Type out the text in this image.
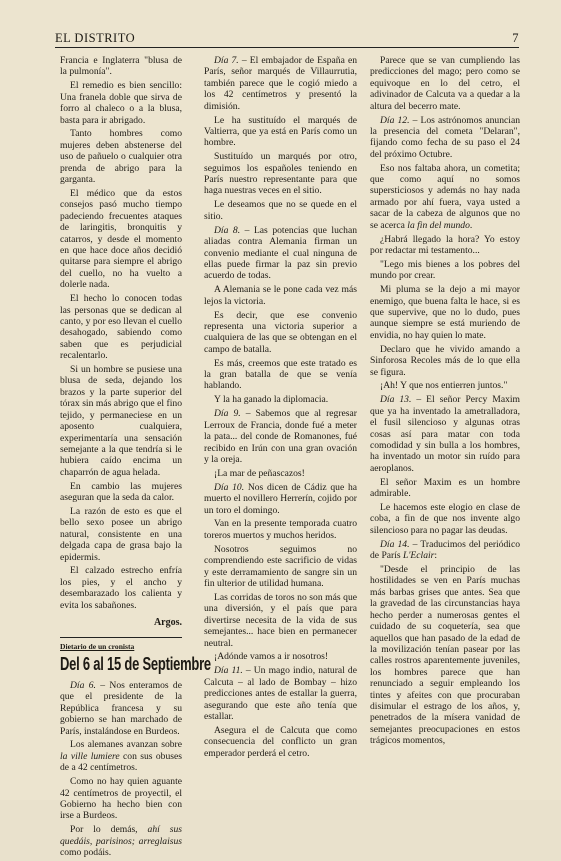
EL DISTRITO	7

Francia e Inglaterra "blusa de la pulmonía".

El remedio es bien sencillo: Una franela doble que sirva de forro al chaleco o a la blusa, basta para ir abrigado.

Tanto hombres como mujeres deben abstenerse del uso de pañuelo o cualquier otra prenda de abrigo para la garganta.

El médico que da estos consejos pasó mucho tiempo padeciendo frecuentes ataques de laringitis, bronquitis y catarros, y desde el momento en que hace doce años decidió quitarse para siempre el abrigo del cuello, no ha vuelto a dolerle nada.

El hecho lo conocen todas las personas que se dedican al canto, y por eso llevan el cuello desahogado, sabiendo como saben que es perjudicial recalentarlo.

Si un hombre se pusiese una blusa de seda, dejando los brazos y la parte superior del tórax sin más abrigo que el fino tejido, y permaneciese en un aposento cualquiera, experimentaría una sensación semejante a la que tendría si le hubiera caído encima un chaparrón de agua helada.

En cambio las mujeres aseguran que la seda da calor.

La razón de esto es que el bello sexo posee un abrigo natural, consistente en una delgada capa de grasa bajo la epidermis.

El calzado estrecho enfría los pies, y el ancho y desembarazado los calienta y evita los sabañones.

Argos.
Dietario de un cronista
Del 6 al 15 de Septiembre

Día 6. – Nos enteramos de que el presidente de la República francesa y su gobierno se han marchado de París, instalándose en Burdeos.

Los alemanes avanzan sobre la ville lumiere con sus obuses de a 42 centímetros.

Como no hay quien aguante 42 centímetros de proyectil, el Gobierno ha hecho bien con irse a Burdeos.

Por lo demás, ahí sus quedáis, parisinos; arreglaisus como podáis.

Día 7. – El embajador de España en París, señor marqués de Villaurrutia, también parece que le cogió miedo a los 42 centímetros y presentó la dimisión.

Le ha sustituído el marqués de Valtierra, que ya está en París como un hombre.

Sustituído un marqués por otro, seguimos los españoles teniendo en París nuestro representante para que haga nuestras veces en el sitio.

Le deseamos que no se quede en el sitio.

Día 8. – Las potencias que luchan aliadas contra Alemania firman un convenio mediante el cual ninguna de ellas puede firmar la paz sin previo acuerdo de todas.

A Alemania se le pone cada vez más lejos la victoria.

Es decir, que ese convenio representa una victoria superior a cualquiera de las que se obtengan en el campo de batalla.

Es más, creemos que este tratado es la gran batalla de que se venía hablando.

Y la ha ganado la diplomacia.

Día 9. – Sabemos que al regresar Lerroux de Francia, donde fué a meter la pata... del conde de Romanones, fué recibido en Irún con una gran ovación y la oreja.

¡La mar de peñascazos!

Día 10. Nos dicen de Cádiz que ha muerto el novillero Herrerín, cojido por un toro el domingo.

Van en la presente temporada cuatro toreros muertos y muchos heridos.

Nosotros seguimos no comprendiendo este sacrificio de vidas y este derramamiento de sangre sin un fin ulterior de utilidad humana.

Las corridas de toros no son más que una diversión, y el país que para divertirse necesita de la vida de sus semejantes... hace bien en permanecer neutral.

¡Adónde vamos a ir nosotros!

Día 11. – Un mago indio, natural de Calcuta – al lado de Bombay – hizo predicciones antes de estallar la guerra, asegurando que este año tenía que estallar.

Asegura el de Calcuta que como consecuencia del conflicto un gran emperador perderá el cetro.

Parece que se van cumpliendo las predicciones del mago; pero como se equivoque en lo del cetro, el adivinador de Calcuta va a quedar a la altura del becerro mate.

Día 12. – Los astrónomos anuncian la presencia del cometa "Delaran", fijando como fecha de su paso el 24 del próximo Octubre.

Eso nos faltaba ahora, un cometita; que como aquí no somos supersticiosos y además no hay nada armado por ahí fuera, vaya usted a sacar de la cabeza de algunos que no se acerca la fin del mundo.

¿Habrá llegado la hora? Yo estoy por redactar mi testamento...

"Lego mis bienes a los pobres del mundo por crear.

Mi pluma se la dejo a mi mayor enemigo, que buena falta le hace, si es que supervive, que no lo dudo, pues aunque siempre se está muriendo de envidia, no hay quien lo mate.

Declaro que he vivido amando a Sinforosa Recoles más de lo que ella se figura.

¡Ah! Y que nos entierren juntos."

Día 13. – El señor Percy Maxim que ya ha inventado la ametralladora, el fusil silencioso y algunas otras cosas así para matar con toda comodidad y sin bulla a los hombres, ha inventado un motor sin ruído para aeroplanos.

El señor Maxim es un hombre admirable.

Le hacemos este elogio en clase de coba, a fin de que nos invente algo silencioso para no pagar las deudas.

Día 14. – Traducimos del periódico de París L'Eclair:

"Desde el principio de las hostilidades se ven en París muchas más barbas grises que antes. Sea que la gravedad de las circunstancias haya hecho perder a numerosas gentes el cuidado de su coquetería, sea que aquellos que han pasado de la edad de la movilización tenían pasear por las calles rostros aparentemente juveniles, los hombres parece que han renunciado a seguir empleando los tintes y afeites con que procuraban disimular el estrago de los años, y, penetrados de la mísera vanidad de semejantes preocupaciones en estos trágicos momentos,
